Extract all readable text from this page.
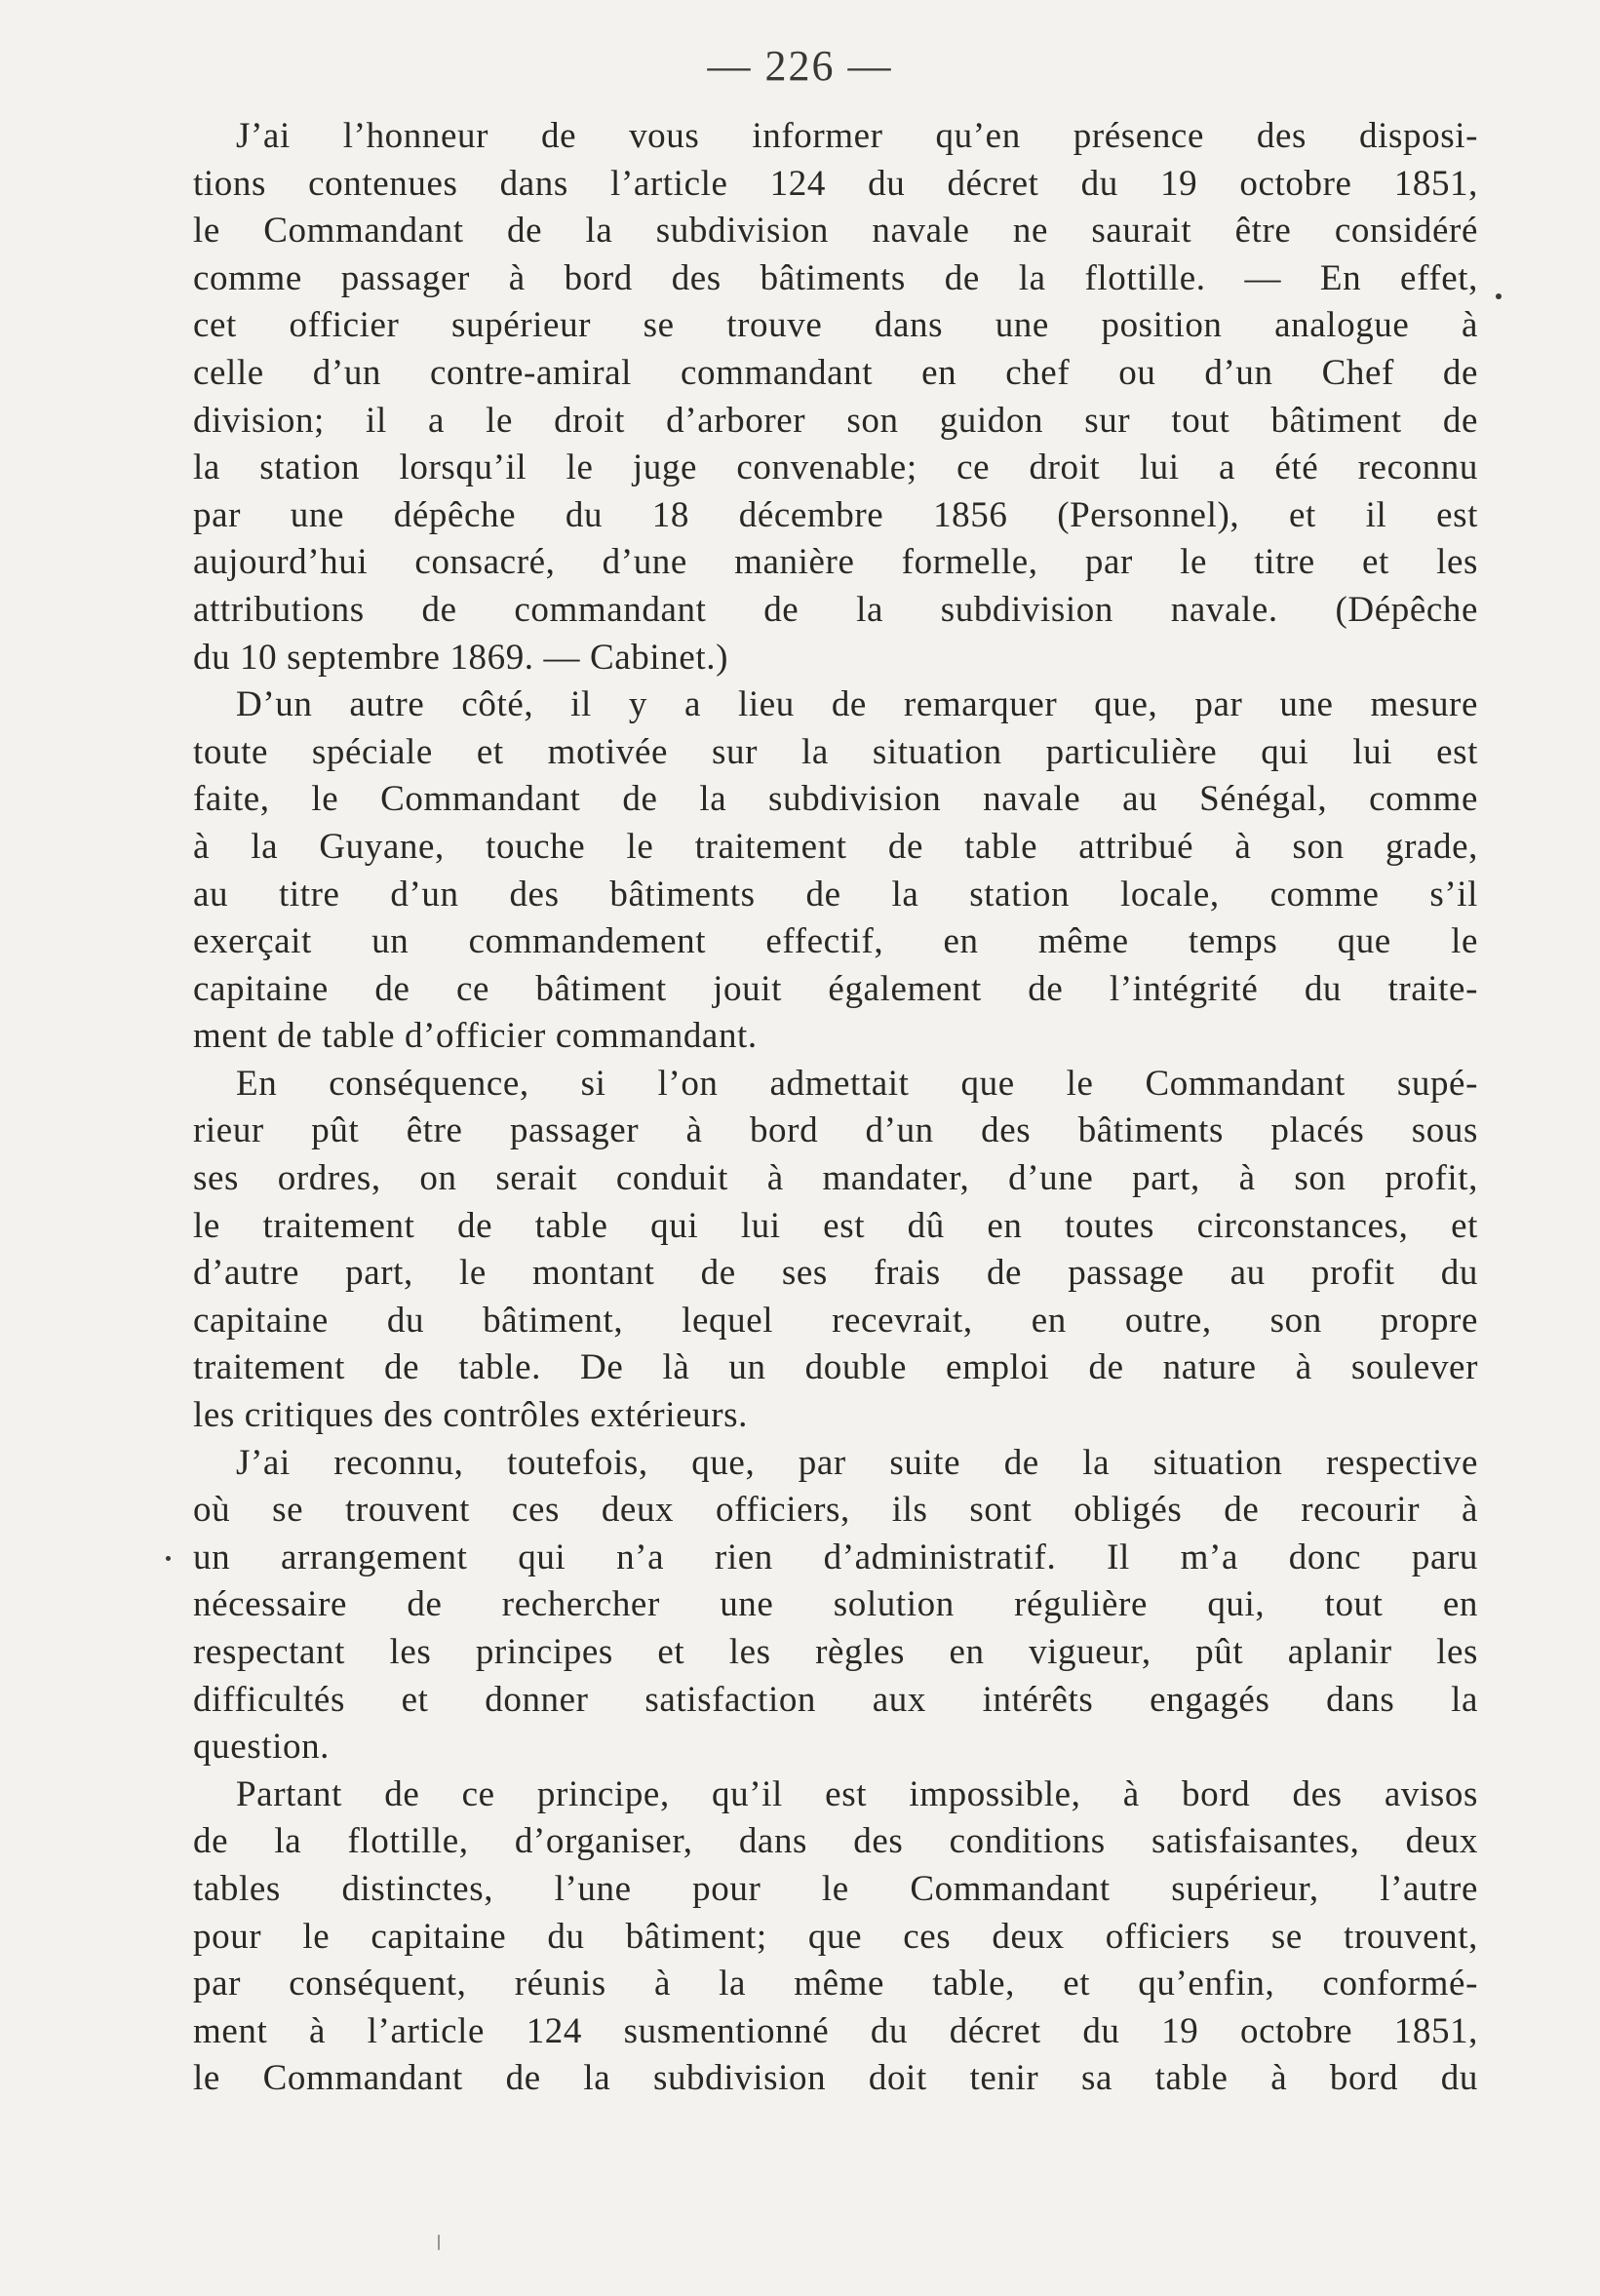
— 226 —
J’ai l’honneur de vous informer qu’en présence des disposi-
tions contenues dans l’article 124 du décret du 19 octobre 1851,
le Commandant de la subdivision navale ne saurait être considéré
comme passager à bord des bâtiments de la flottille. — En effet,
cet officier supérieur se trouve dans une position analogue à
celle d’un contre-amiral commandant en chef ou d’un Chef de
division; il a le droit d’arborer son guidon sur tout bâtiment de
la station lorsqu’il le juge convenable; ce droit lui a été reconnu
par une dépêche du 18 décembre 1856 (Personnel), et il est
aujourd’hui consacré, d’une manière formelle, par le titre et les
attributions de commandant de la subdivision navale. (Dépêche
du 10 septembre 1869. — Cabinet.)
D’un autre côté, il y a lieu de remarquer que, par une mesure
toute spéciale et motivée sur la situation particulière qui lui est
faite, le Commandant de la subdivision navale au Sénégal, comme
à la Guyane, touche le traitement de table attribué à son grade,
au titre d’un des bâtiments de la station locale, comme s’il
exerçait un commandement effectif, en même temps que le
capitaine de ce bâtiment jouit également de l’intégrité du traite-
ment de table d’officier commandant.
En conséquence, si l’on admettait que le Commandant supé-
rieur pût être passager à bord d’un des bâtiments placés sous
ses ordres, on serait conduit à mandater, d’une part, à son profit,
le traitement de table qui lui est dû en toutes circonstances, et
d’autre part, le montant de ses frais de passage au profit du
capitaine du bâtiment, lequel recevrait, en outre, son propre
traitement de table. De là un double emploi de nature à soulever
les critiques des contrôles extérieurs.
J’ai reconnu, toutefois, que, par suite de la situation respective
où se trouvent ces deux officiers, ils sont obligés de recourir à
un arrangement qui n’a rien d’administratif. Il m’a donc paru
nécessaire de rechercher une solution régulière qui, tout en
respectant les principes et les règles en vigueur, pût aplanir les
difficultés et donner satisfaction aux intérêts engagés dans la
question.
Partant de ce principe, qu’il est impossible, à bord des avisos
de la flottille, d’organiser, dans des conditions satisfaisantes, deux
tables distinctes, l’une pour le Commandant supérieur, l’autre
pour le capitaine du bâtiment; que ces deux officiers se trouvent,
par conséquent, réunis à la même table, et qu’enfin, conformé-
ment à l’article 124 susmentionné du décret du 19 octobre 1851,
le Commandant de la subdivision doit tenir sa table à bord du
